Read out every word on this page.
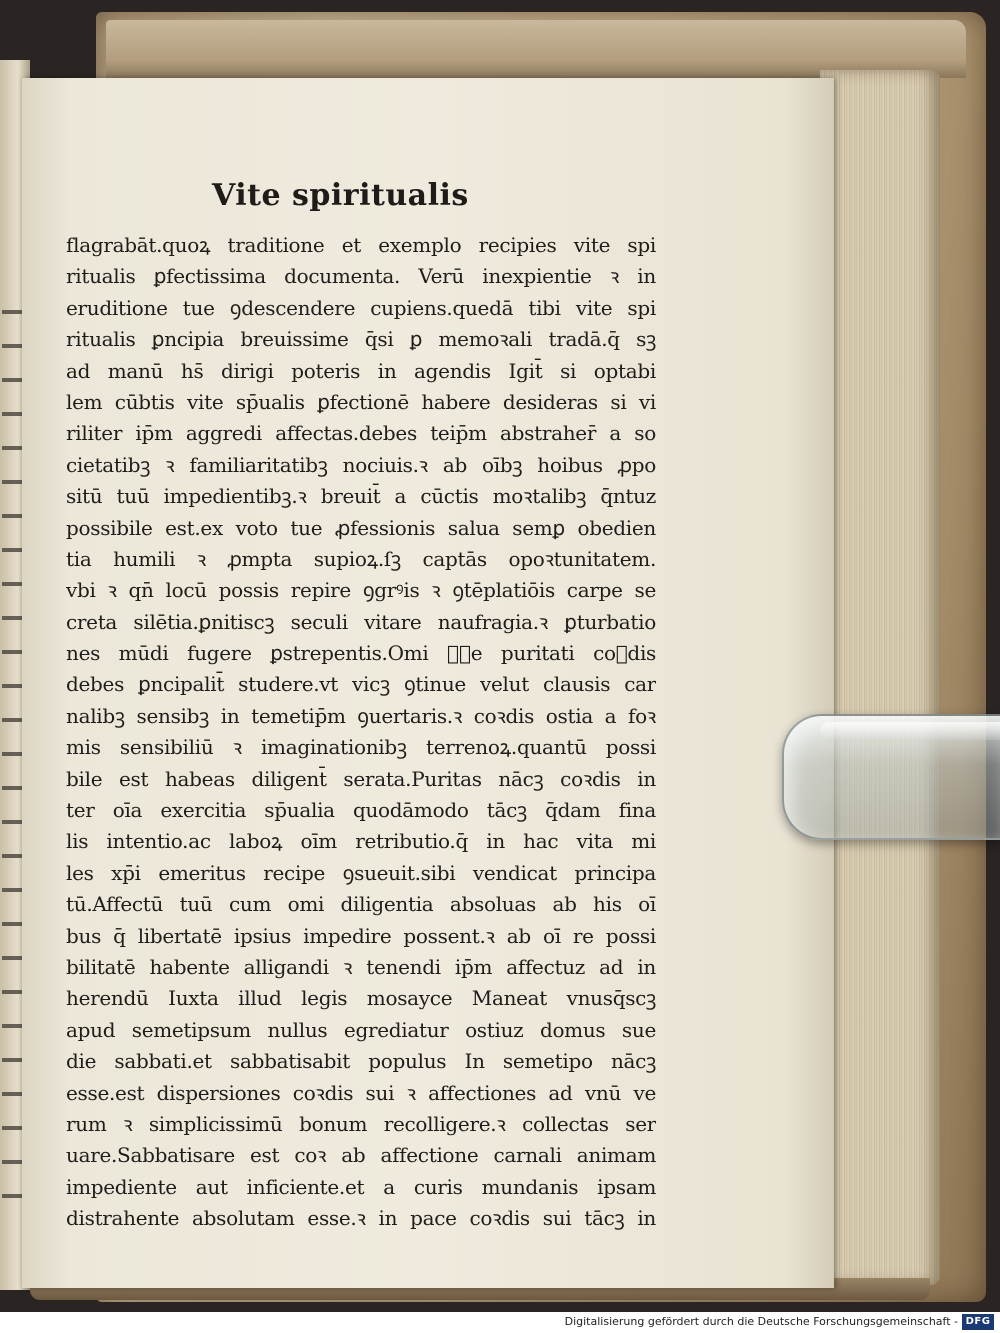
Vite spiritualis
flagrabāt.quoꝝ traditione et exemplo recipies vite spi
ritualis ꝑfectissima documenta. Verū inexpientie ꝛ in
eruditione tue ꝯdescendere cupiens.quedā tibi vite spi
ritualis ꝑncipia breuissime q̄si ꝑ memoꝛali tradā.q̄ sꝫ
ad manū hs̄ dirigi poteris in agendis Igit̄ si optabi
lem cūbtis vite sp̄ualis ꝑfectionē habere desideras si vi
riliter ip̄m aggredi affectas.debes teip̄m abstraher̄ a so
cietatibꝫ ꝛ familiaritatibꝫ nociuis.ꝛ ab oībꝫ hoibus ꝓpo
sitū tuū impedientibꝫ.ꝛ breuit̄ a cūctis moꝛtalibꝫ q̄ntuz
possibile est.ex voto tue ꝓfessionis salua semꝑ obedien
tia humili ꝛ ꝓmpta supioꝝ.ſꝫ captās opoꝛtunitatem.
vbi ꝛ qn̄ locū possis repire ꝯgrꝰis ꝛ ꝯtēplatiōis carpe se
creta silētia.ꝑnitiscꝫ seculi vitare naufragia.ꝛ ꝑturbatio
nes mūdi fugere ꝑstrepentis.Omi ꝗ᷑e puritati coꝛdis
debes ꝑncipalit̄ studere.vt vicꝫ ꝯtinue velut clausis car
nalibꝫ sensibꝫ in temetip̄m ꝯuertaris.ꝛ coꝛdis ostia a foꝛ
mis sensibiliū ꝛ imaginationibꝫ terrenoꝝ.quantū possi
bile est habeas diligent̄ serata.Puritas nācꝫ coꝛdis in
ter oīa exercitia sp̄ualia quodāmodo tācꝫ q̄dam fina
lis intentio.ac laboꝝ oīm retributio.q̄ in hac vita mi
les xp̄i emeritus recipe ꝯsueuit.sibi vendicat principa
tū.Affectū tuū cum omi diligentia absoluas ab his oī
bus q̄ libertatē ipsius impedire possent.ꝛ ab oī re possi
bilitatē habente alligandi ꝛ tenendi ip̄m affectuz ad in
herendū Iuxta illud legis mosayce Maneat vnusq̄scꝫ
apud semetipsum nullus egrediatur ostiuz domus sue
die sabbati.et sabbatisabit populus In semetipo nācꝫ
esse.est dispersiones coꝛdis sui ꝛ affectiones ad vnū ve
rum ꝛ simplicissimū bonum recolligere.ꝛ collectas ser
uare.Sabbatisare est coꝛ ab affectione carnali animam
impediente aut inficiente.et a curis mundanis ipsam
distrahente absolutam esse.ꝛ in pace coꝛdis sui tācꝫ in
Digitalisierung gefördert durch die Deutsche Forschungsgemeinschaft - DFG
